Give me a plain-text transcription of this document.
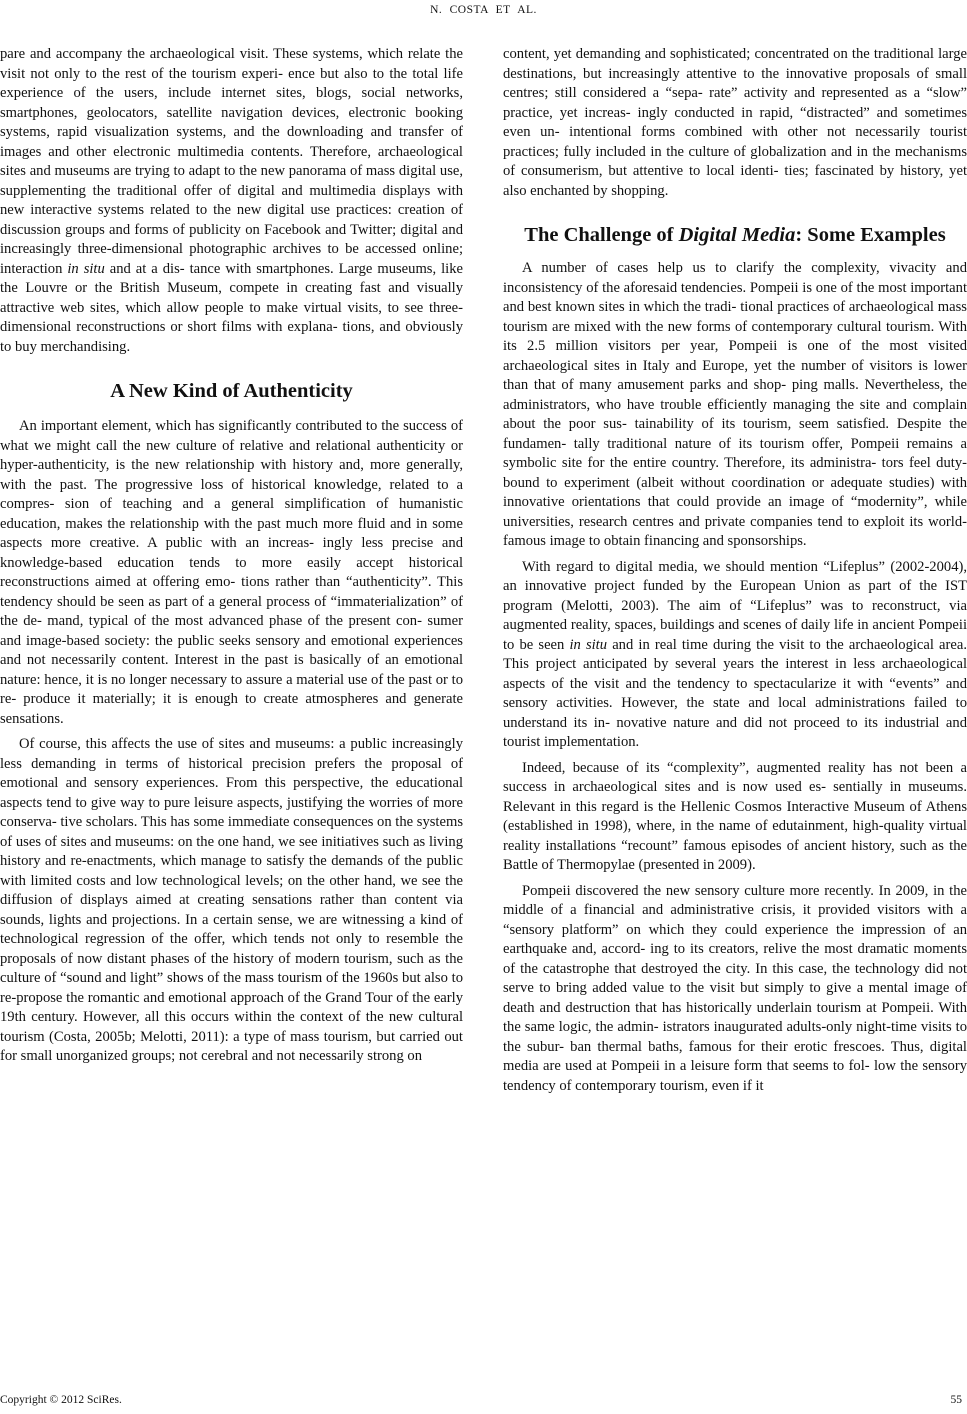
N. COSTA ET AL.

pare and accompany the archaeological visit. These systems, which relate the visit not only to the rest of the tourism experi- ence but also to the total life experience of the users, include internet sites, blogs, social networks, smartphones, geolocators, satellite navigation devices, electronic booking systems, rapid visualization systems, and the downloading and transfer of images and other electronic multimedia contents. Therefore, archaeological sites and museums are trying to adapt to the new panorama of mass digital use, supplementing the traditional offer of digital and multimedia displays with new interactive systems related to the new digital use practices: creation of discussion groups and forms of publicity on Facebook and Twitter; digital and increasingly three-dimensional photographic archives to be accessed online; interaction in situ and at a dis- tance with smartphones. Large museums, like the Louvre or the British Museum, compete in creating fast and visually attractive web sites, which allow people to make virtual visits, to see three-dimensional reconstructions or short films with explana- tions, and obviously to buy merchandising.

A New Kind of Authenticity

An important element, which has significantly contributed to the success of what we might call the new culture of relative and relational authenticity or hyper-authenticity, is the new relationship with history and, more generally, with the past. The progressive loss of historical knowledge, related to a compres- sion of teaching and a general simplification of humanistic education, makes the relationship with the past much more fluid and in some aspects more creative. A public with an increas- ingly less precise and knowledge-based education tends to more easily accept historical reconstructions aimed at offering emo- tions rather than “authenticity”. This tendency should be seen as part of a general process of “immaterialization” of the de- mand, typical of the most advanced phase of the present con- sumer and image-based society: the public seeks sensory and emotional experiences and not necessarily content. Interest in the past is basically of an emotional nature: hence, it is no longer necessary to assure a material use of the past or to re- produce it materially; it is enough to create atmospheres and generate sensations.

Of course, this affects the use of sites and museums: a public increasingly less demanding in terms of historical precision prefers the proposal of emotional and sensory experiences. From this perspective, the educational aspects tend to give way to pure leisure aspects, justifying the worries of more conserva- tive scholars. This has some immediate consequences on the systems of uses of sites and museums: on the one hand, we see initiatives such as living history and re-enactments, which manage to satisfy the demands of the public with limited costs and low technological levels; on the other hand, we see the diffusion of displays aimed at creating sensations rather than content via sounds, lights and projections. In a certain sense, we are witnessing a kind of technological regression of the offer, which tends not only to resemble the proposals of now distant phases of the history of modern tourism, such as the culture of “sound and light” shows of the mass tourism of the 1960s but also to re-propose the romantic and emotional approach of the Grand Tour of the early 19th century. However, all this occurs within the context of the new cultural tourism (Costa, 2005b; Melotti, 2011): a type of mass tourism, but carried out for small unorganized groups; not cerebral and not necessarily strong on

content, yet demanding and sophisticated; concentrated on the traditional large destinations, but increasingly attentive to the innovative proposals of small centres; still considered a “sepa- rate” activity and represented as a “slow” practice, yet increas- ingly conducted in rapid, “distracted” and sometimes even un- intentional forms combined with other not necessarily tourist practices; fully included in the culture of globalization and in the mechanisms of consumerism, but attentive to local identi- ties; fascinated by history, yet also enchanted by shopping.

The Challenge of Digital Media: Some Examples

A number of cases help us to clarify the complexity, vivacity and inconsistency of the aforesaid tendencies. Pompeii is one of the most important and best known sites in which the tradi- tional practices of archaeological mass tourism are mixed with the new forms of contemporary cultural tourism. With its 2.5 million visitors per year, Pompeii is one of the most visited archaeological sites in Italy and Europe, yet the number of visitors is lower than that of many amusement parks and shop- ping malls. Nevertheless, the administrators, who have trouble efficiently managing the site and complain about the poor sus- tainability of its tourism, seem satisfied. Despite the fundamen- tally traditional nature of its tourism offer, Pompeii remains a symbolic site for the entire country. Therefore, its administra- tors feel duty-bound to experiment (albeit without coordination or adequate studies) with innovative orientations that could provide an image of “modernity”, while universities, research centres and private companies tend to exploit its world-famous image to obtain financing and sponsorships.

With regard to digital media, we should mention “Lifeplus” (2002-2004), an innovative project funded by the European Union as part of the IST program (Melotti, 2003). The aim of “Lifeplus” was to reconstruct, via augmented reality, spaces, buildings and scenes of daily life in ancient Pompeii to be seen in situ and in real time during the visit to the archaeological area. This project anticipated by several years the interest in less archaeological aspects of the visit and the tendency to spectacularize it with “events” and sensory activities. However, the state and local administrations failed to understand its in- novative nature and did not proceed to its industrial and tourist implementation.

Indeed, because of its “complexity”, augmented reality has not been a success in archaeological sites and is now used es- sentially in museums. Relevant in this regard is the Hellenic Cosmos Interactive Museum of Athens (established in 1998), where, in the name of edutainment, high-quality virtual reality installations “recount” famous episodes of ancient history, such as the Battle of Thermopylae (presented in 2009).

Pompeii discovered the new sensory culture more recently. In 2009, in the middle of a financial and administrative crisis, it provided visitors with a “sensory platform” on which they could experience the impression of an earthquake and, accord- ing to its creators, relive the most dramatic moments of the catastrophe that destroyed the city. In this case, the technology did not serve to bring added value to the visit but simply to give a mental image of death and destruction that has historically underlain tourism at Pompeii. With the same logic, the admin- istrators inaugurated adults-only night-time visits to the subur- ban thermal baths, famous for their erotic frescoes. Thus, digital media are used at Pompeii in a leisure form that seems to fol- low the sensory tendency of contemporary tourism, even if it

Copyright © 2012 SciRes.	55
